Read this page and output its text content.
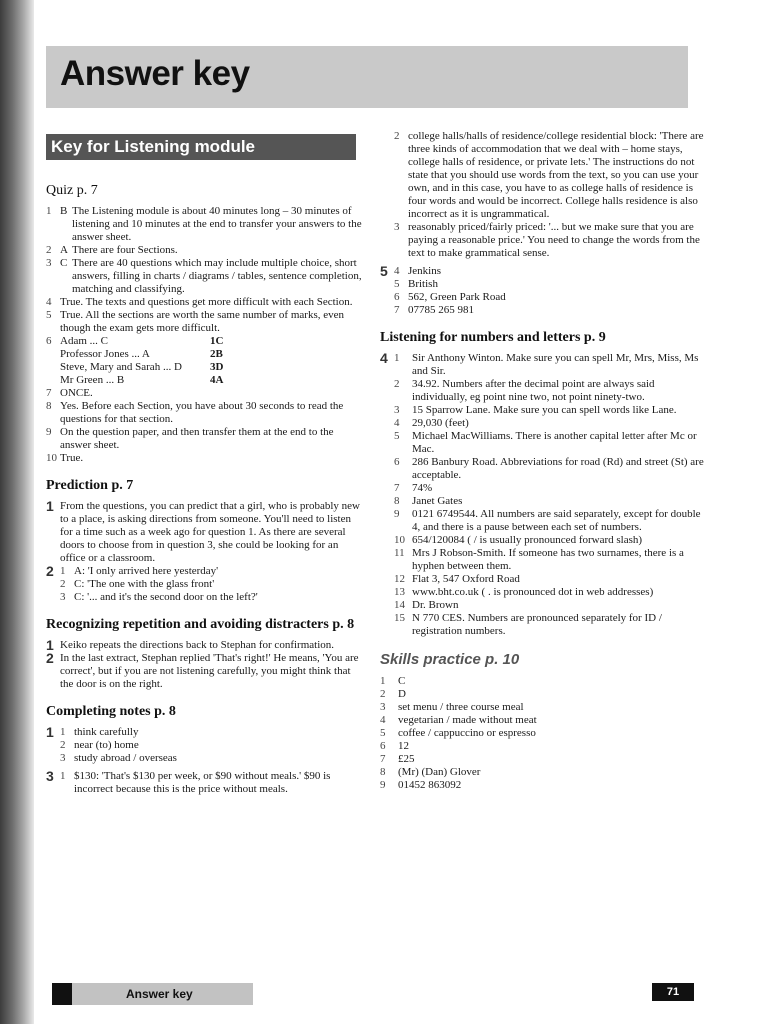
Answer key
Key for Listening module
Quiz p. 7
1 B The Listening module is about 40 minutes long – 30 minutes of listening and 10 minutes at the end to transfer your answers to the answer sheet.
2 A There are four Sections.
3 C There are 40 questions which may include multiple choice, short answers, filling in charts / diagrams / tables, sentence completion, matching and classifying.
4 True. The texts and questions get more difficult with each Section.
5 True. All the sections are worth the same number of marks, even though the exam gets more difficult.
6 Adam ... C	1C
Professor Jones ... A	2B
Steve, Mary and Sarah ... D	3D
Mr Green ... B	4A
7 ONCE.
8 Yes. Before each Section, you have about 30 seconds to read the questions for that section.
9 On the question paper, and then transfer them at the end to the answer sheet.
10 True.
Prediction p. 7
1 From the questions, you can predict that a girl, who is probably new to a place, is asking directions from someone. You'll need to listen for a time such as a week ago for question 1. As there are several doors to choose from in question 3, she could be looking for an office or a classroom.
2 1 A: 'I only arrived here yesterday'
2 C: 'The one with the glass front'
3 C: '... and it's the second door on the left?'
Recognizing repetition and avoiding distracters p. 8
1 Keiko repeats the directions back to Stephan for confirmation.
2 In the last extract, Stephan replied 'That's right!' He means, 'You are correct', but if you are not listening carefully, you might think that the door is on the right.
Completing notes p. 8
1 1 think carefully
2 near (to) home
3 study abroad / overseas
3 1 $130: 'That's $130 per week, or $90 without meals.' $90 is incorrect because this is the price without meals.
2 college halls/halls of residence/college residential block: 'There are three kinds of accommodation that we deal with – home stays, college halls of residence, or private lets.' The instructions do not state that you should use words from the text, so you can use your own, and in this case, you have to as college halls of residence is four words and would be incorrect. College halls residence is also incorrect as it is ungrammatical.
3 reasonably priced/fairly priced: '... but we make sure that you are paying a reasonable price.' You need to change the words from the text to make grammatical sense.
5 4 Jenkins
5 British
6 562, Green Park Road
7 07785 265 981
Listening for numbers and letters p. 9
4 1	Sir Anthony Winton. Make sure you can spell Mr, Mrs, Miss, Ms and Sir.
2	34.92. Numbers after the decimal point are always said individually, eg point nine two, not point ninety-two.
3	15 Sparrow Lane. Make sure you can spell words like Lane.
4	29,030 (feet)
5	Michael MacWilliams. There is another capital letter after Mc or Mac.
6	286 Banbury Road. Abbreviations for road (Rd) and street (St) are acceptable.
7	74%
8	Janet Gates
9	0121 6749544. All numbers are said separately, except for double 4, and there is a pause between each set of numbers.
10 654/120084 ( / is usually pronounced forward slash)
11 Mrs J Robson-Smith. If someone has two surnames, there is a hyphen between them.
12 Flat 3, 547 Oxford Road
13 www.bht.co.uk ( . is pronounced dot in web addresses)
14 Dr. Brown
15 N 770 CES. Numbers are pronounced separately for ID / registration numbers.
Skills practice p. 10
1	C
2	D
3	set menu / three course meal
4	vegetarian / made without meat
5	coffee / cappuccino or espresso
6	12
7	£25
8	(Mr) (Dan) Glover
9	01452 863092
Answer key	71
